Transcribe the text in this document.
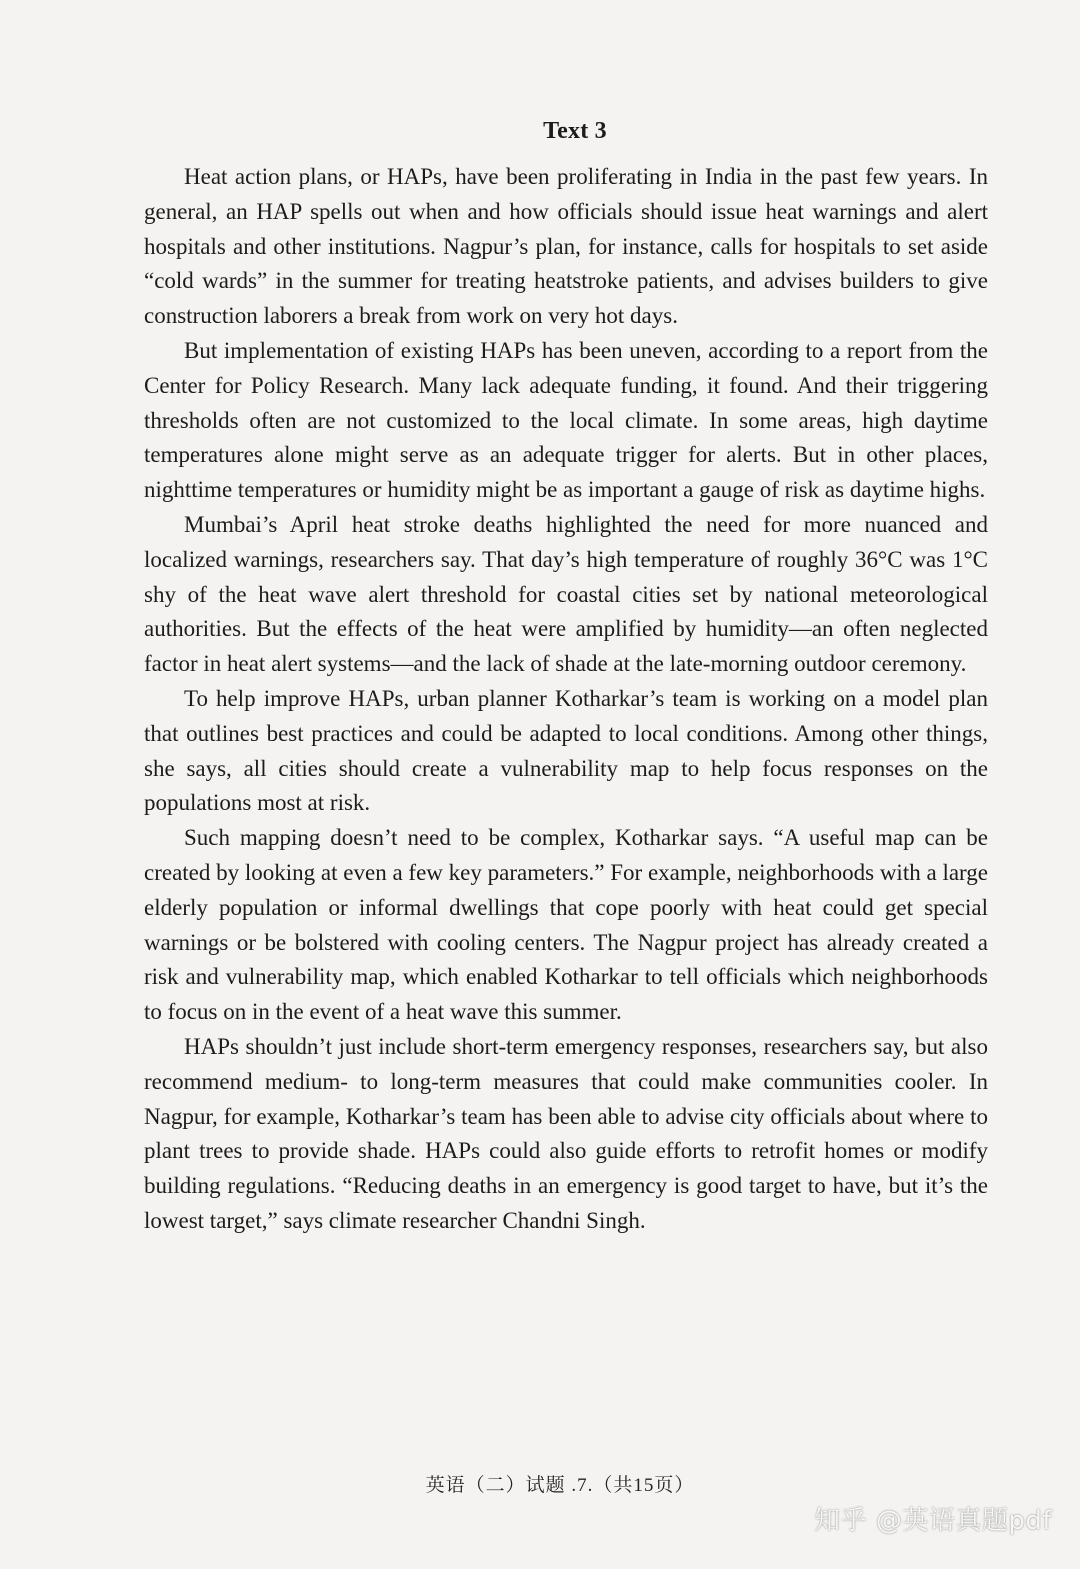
Text 3

Heat action plans, or HAPs, have been proliferating in India in the past few years. In general, an HAP spells out when and how officials should issue heat warnings and alert hospitals and other institutions. Nagpur’s plan, for instance, calls for hospitals to set aside “cold wards” in the summer for treating heatstroke patients, and advises builders to give construction laborers a break from work on very hot days.

But implementation of existing HAPs has been uneven, according to a report from the Center for Policy Research. Many lack adequate funding, it found. And their triggering thresholds often are not customized to the local climate. In some areas, high daytime temperatures alone might serve as an adequate trigger for alerts. But in other places, nighttime temperatures or humidity might be as important a gauge of risk as daytime highs.

Mumbai’s April heat stroke deaths highlighted the need for more nuanced and localized warnings, researchers say. That day’s high temperature of roughly 36°C was 1°C shy of the heat wave alert threshold for coastal cities set by national meteorological authorities. But the effects of the heat were amplified by humidity—an often neglected factor in heat alert systems—and the lack of shade at the late-morning outdoor ceremony.

To help improve HAPs, urban planner Kotharkar’s team is working on a model plan that outlines best practices and could be adapted to local conditions. Among other things, she says, all cities should create a vulnerability map to help focus responses on the populations most at risk.

Such mapping doesn’t need to be complex, Kotharkar says. “A useful map can be created by looking at even a few key parameters.” For example, neighborhoods with a large elderly population or informal dwellings that cope poorly with heat could get special warnings or be bolstered with cooling centers. The Nagpur project has already created a risk and vulnerability map, which enabled Kotharkar to tell officials which neighborhoods to focus on in the event of a heat wave this summer.

HAPs shouldn’t just include short-term emergency responses, researchers say, but also recommend medium- to long-term measures that could make communities cooler. In Nagpur, for example, Kotharkar’s team has been able to advise city officials about where to plant trees to provide shade. HAPs could also guide efforts to retrofit homes or modify building regulations. “Reducing deaths in an emergency is good target to have, but it’s the lowest target,” says climate researcher Chandni Singh.

英语（二）试题 .7.（共15页）
知乎 @英语真题pdf
